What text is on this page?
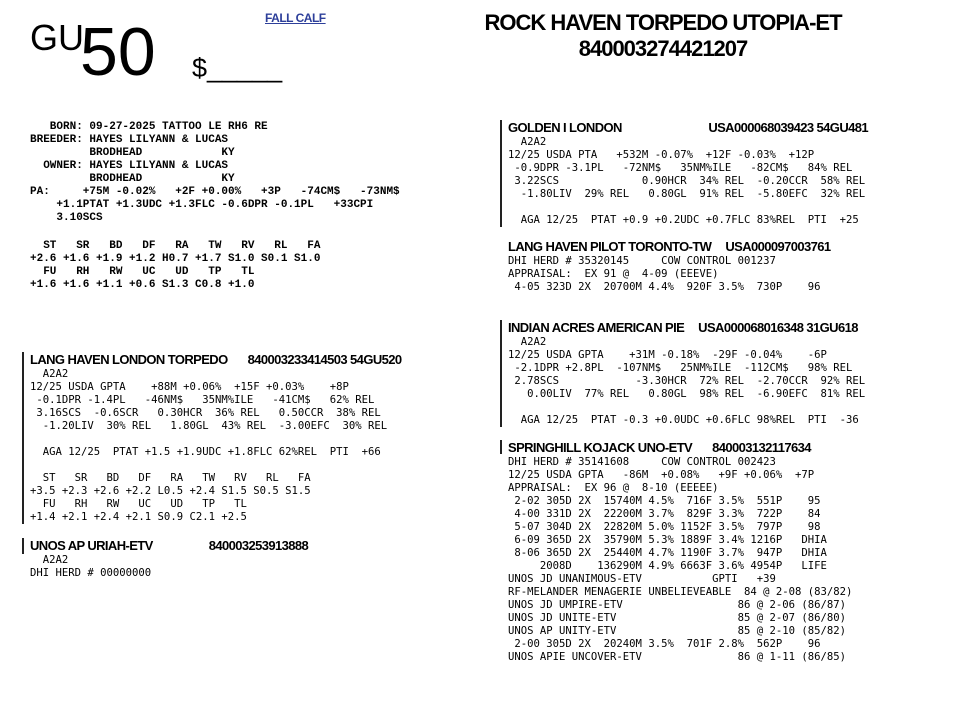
GU
50 $_____
FALL CALF	ROCK HAVEN TORPEDO UTOPIA-ET
840003274421207
BORN: 09-27-2025 TATTOO LE RH6 RE
BREEDER: HAYES LILYANN & LUCAS
BRODHEAD            KY
OWNER: HAYES LILYANN & LUCAS
BRODHEAD            KY
PA:     +75M -0.02%   +2F +0.00%   +3P   -74CM$   -73NM$
+1.1PTAT +1.3UDC +1.3FLC -0.6DPR -0.1PL   +33CPI
3.10SCS
ST   SR   BD   DF   RA   TW   RV   RL   FA
+2.6 +1.6 +1.9 +1.2 H0.7 +1.7 S1.0 S0.1 S1.0
FU   RH   RW   UC   UD   TP   TL
+1.6 +1.6 +1.1 +0.6 S1.3 C0.8 +1.0
GOLDEN I LONDON	USA000068039423 54GU481
A2A2
12/25 USDA PTA   +532M -0.07%  +12F -0.03%  +12P
-0.9DPR -3.1PL   -72NM$   35NM%ILE   -82CM$   84% REL
3.22SCS             0.90HCR  34% REL  -0.20CCR  58% REL
-1.80LIV  29% REL   0.80GL  91% REL  -5.80EFC  32% REL
AGA 12/25  PTAT +0.9 +0.2UDC +0.7FLC 83%REL  PTI  +25
LANG HAVEN PILOT TORONTO-TW USA000097003761
DHI HERD # 35320145     COW CONTROL 001237
APPRAISAL:  EX 91 @  4-09 (EEEVE)
4-05 323D 2X  20700M 4.4%  920F 3.5%  730P    96
INDIAN ACRES AMERICAN PIE USA000068016348 31GU618
A2A2
12/25 USDA GPTA    +31M -0.18%  -29F -0.04%    -6P
-2.1DPR +2.8PL  -107NM$   25NM%ILE  -112CM$   98% REL
2.78SCS            -3.30HCR  72% REL  -2.70CCR  92% REL
0.00LIV  77% REL   0.80GL  98% REL  -6.90EFC  81% REL
AGA 12/25  PTAT -0.3 +0.0UDC +0.6FLC 98%REL  PTI  -36
SPRINGHILL KOJACK UNO-ETV 840003132117634
DHI HERD # 35141608     COW CONTROL 002423
12/25 USDA GPTA   -86M  +0.08%   +9F +0.06%  +7P
APPRAISAL:  EX 96 @  8-10 (EEEEE)
2-02 305D 2X  15740M 4.5%  716F 3.5%  551P    95
4-00 331D 2X  22200M 3.7%  829F 3.3%  722P    84
5-07 304D 2X  22820M 5.0% 1152F 3.5%  797P    98
6-09 365D 2X  35790M 5.3% 1889F 3.4% 1216P   DHIA
8-06 365D 2X  25440M 4.7% 1190F 3.7%  947P   DHIA
2008D    136290M 4.9% 6663F 3.6% 4954P   LIFE
UNOS JD UNANIMOUS-ETV           GPTI   +39
RF-MELANDER MENAGERIE UNBELIEVEABLE  84 @ 2-08 (83/82)
UNOS JD UMPIRE-ETV                  86 @ 2-06 (86/87)
UNOS JD UNITE-ETV                   85 @ 2-07 (86/80)
UNOS AP UNITY-ETV                   85 @ 2-10 (85/82)
2-00 305D 2X  20240M 3.5%  701F 2.8%  562P    96
UNOS APIE UNCOVER-ETV               86 @ 1-11 (86/85)
LANG HAVEN LONDON TORPEDO 840003233414503 54GU520
A2A2
12/25 USDA GPTA    +88M +0.06%  +15F +0.03%    +8P
-0.1DPR -1.4PL   -46NM$   35NM%ILE   -41CM$   62% REL
3.16SCS  -0.6SCR   0.30HCR  36% REL   0.50CCR  38% REL
-1.20LIV  30% REL   1.80GL  43% REL  -3.00EFC  30% REL
AGA 12/25  PTAT +1.5 +1.9UDC +1.8FLC 62%REL  PTI  +66
ST   SR   BD   DF   RA   TW   RV   RL   FA
+3.5 +2.3 +2.6 +2.2 L0.5 +2.4 S1.5 S0.5 S1.5
FU   RH   RW   UC   UD   TP   TL
+1.4 +2.1 +2.4 +2.1 S0.9 C2.1 +2.5
UNOS AP URIAH-ETV	840003253913888
A2A2
DHI HERD # 00000000
